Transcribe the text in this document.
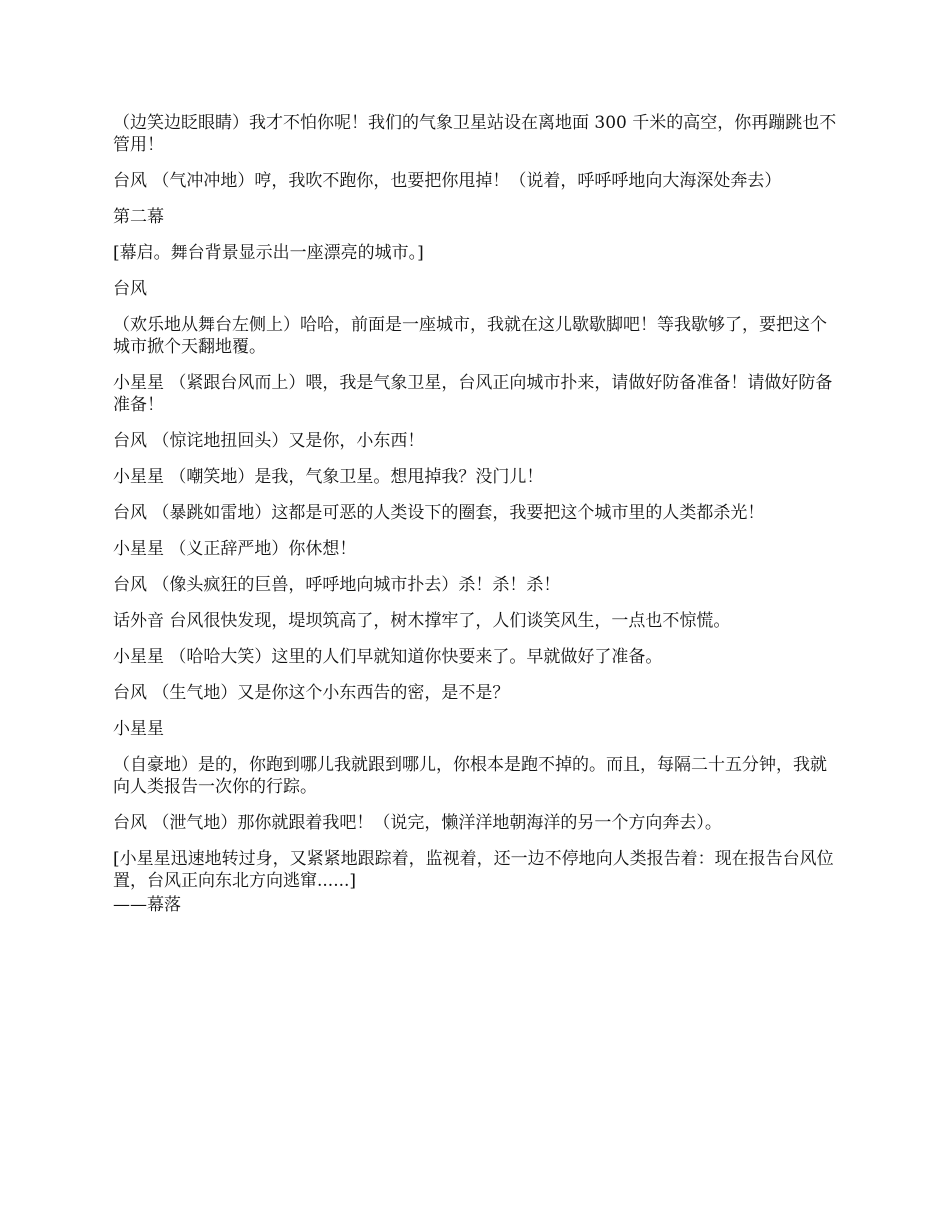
（边笑边眨眼睛）我才不怕你呢！我们的气象卫星站设在离地面 300 千米的高空，你再蹦跳也不管用！

台风 （气冲冲地）哼，我吹不跑你，也要把你甩掉！（说着，呼呼呼地向大海深处奔去）

第二幕

[幕启。舞台背景显示出一座漂亮的城市。]

台风

（欢乐地从舞台左侧上）哈哈，前面是一座城市，我就在这儿歇歇脚吧！等我歇够了，要把这个城市掀个天翻地覆。

小星星 （紧跟台风而上）喂，我是气象卫星，台风正向城市扑来，请做好防备准备！请做好防备准备！

台风 （惊诧地扭回头）又是你，小东西！

小星星 （嘲笑地）是我，气象卫星。想甩掉我？没门儿！

台风 （暴跳如雷地）这都是可恶的人类设下的圈套，我要把这个城市里的人类都杀光！

小星星 （义正辞严地）你休想！

台风 （像头疯狂的巨兽，呼呼地向城市扑去）杀！杀！杀！

话外音 台风很快发现，堤坝筑高了，树木撑牢了，人们谈笑风生，一点也不惊慌。

小星星 （哈哈大笑）这里的人们早就知道你快要来了。早就做好了准备。

台风 （生气地）又是你这个小东西告的密，是不是？

小星星

（自豪地）是的，你跑到哪儿我就跟到哪儿，你根本是跑不掉的。而且，每隔二十五分钟，我就向人类报告一次你的行踪。

台风 （泄气地）那你就跟着我吧！（说完，懒洋洋地朝海洋的另一个方向奔去）。

[小星星迅速地转过身，又紧紧地跟踪着，监视着，还一边不停地向人类报告着：现在报告台风位置，台风正向东北方向逃窜......]

——幕落
